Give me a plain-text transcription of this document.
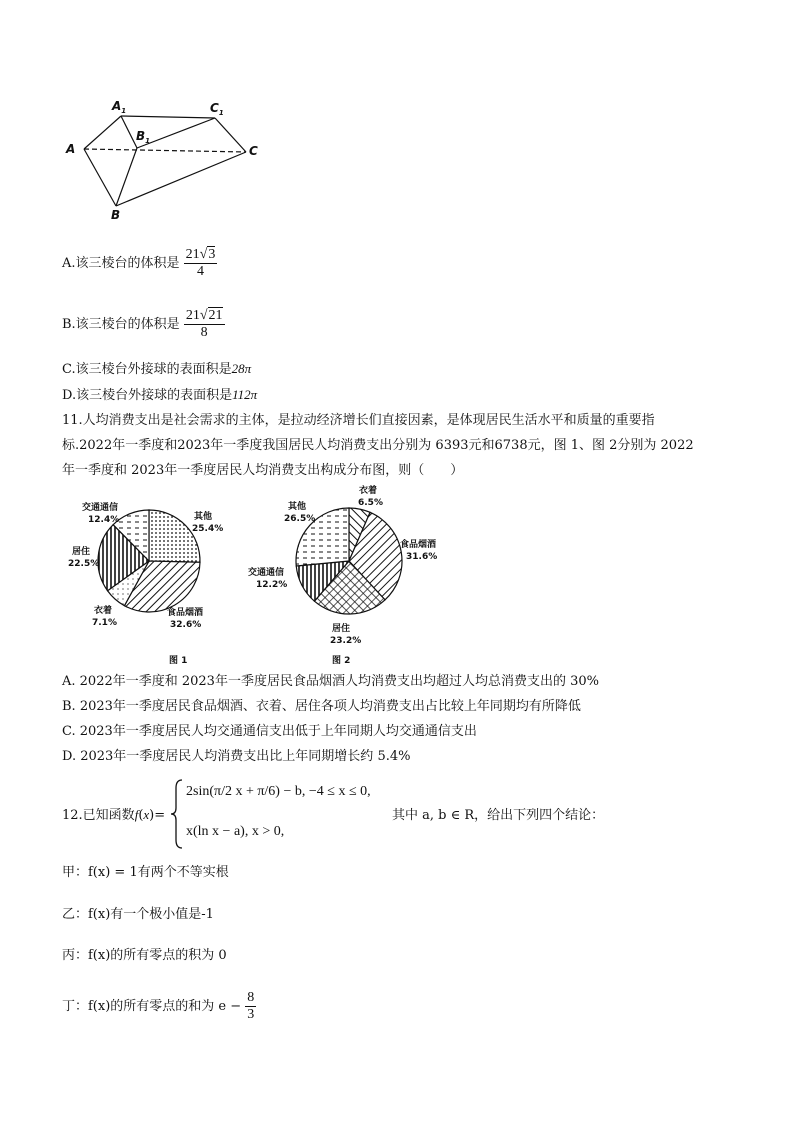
$A_1$	$C_1$
$B_1$
A	C
B
A.该三棱台的体积是 $\frac{21√3}{4}$
B.该三棱台的体积是 $\frac{21√21}{8}$
C.该三棱台外接球的表面积是28π
D.该三棱台外接球的表面积是112π
11.人均消费支出是社会需求的主体，是拉动经济增长们直接因素，是体现居民生活水平和质量的重要指
标.2022年一季度和2023年一季度我国居民人均消费支出分别为 6393元和6738元，图 1、图 2分别为 2022
年一季度和 2023年一季度居民人均消费支出构成分布图，则（　　）
其他
25.4%
食品烟酒
32.6%
衣着
7.1%
居住
22.5%
交通通信
12.4%
衣着
6.5%
食品烟酒
31.6%
居住
23.2%
交通通信
12.2%
其他
26.5%
图 1	图 2
A. 2022年一季度和 2023年一季度居民食品烟酒人均消费支出均超过人均总消费支出的 30%
B. 2023年一季度居民食品烟酒、衣着、居住各项人均消费支出占比较上年同期均有所降低
C. 2023年一季度居民人均交通通信支出低于上年同期人均交通通信支出
D. 2023年一季度居民人均消费支出比上年同期增长约 5.4%
12.已知函数f(x)=
2sin(π/2 x + π/6) − b, −4 ≤ x ≤ 0,
x(ln x − a), x > 0,
其中 a, b ∈ R，给出下列四个结论：
甲：f(x) = 1有两个不等实根
乙：f(x)有一个极小值是-1
丙：f(x)的所有零点的积为 0
丁：f(x)的所有零点的和为 $e - \frac{8}{3}$
